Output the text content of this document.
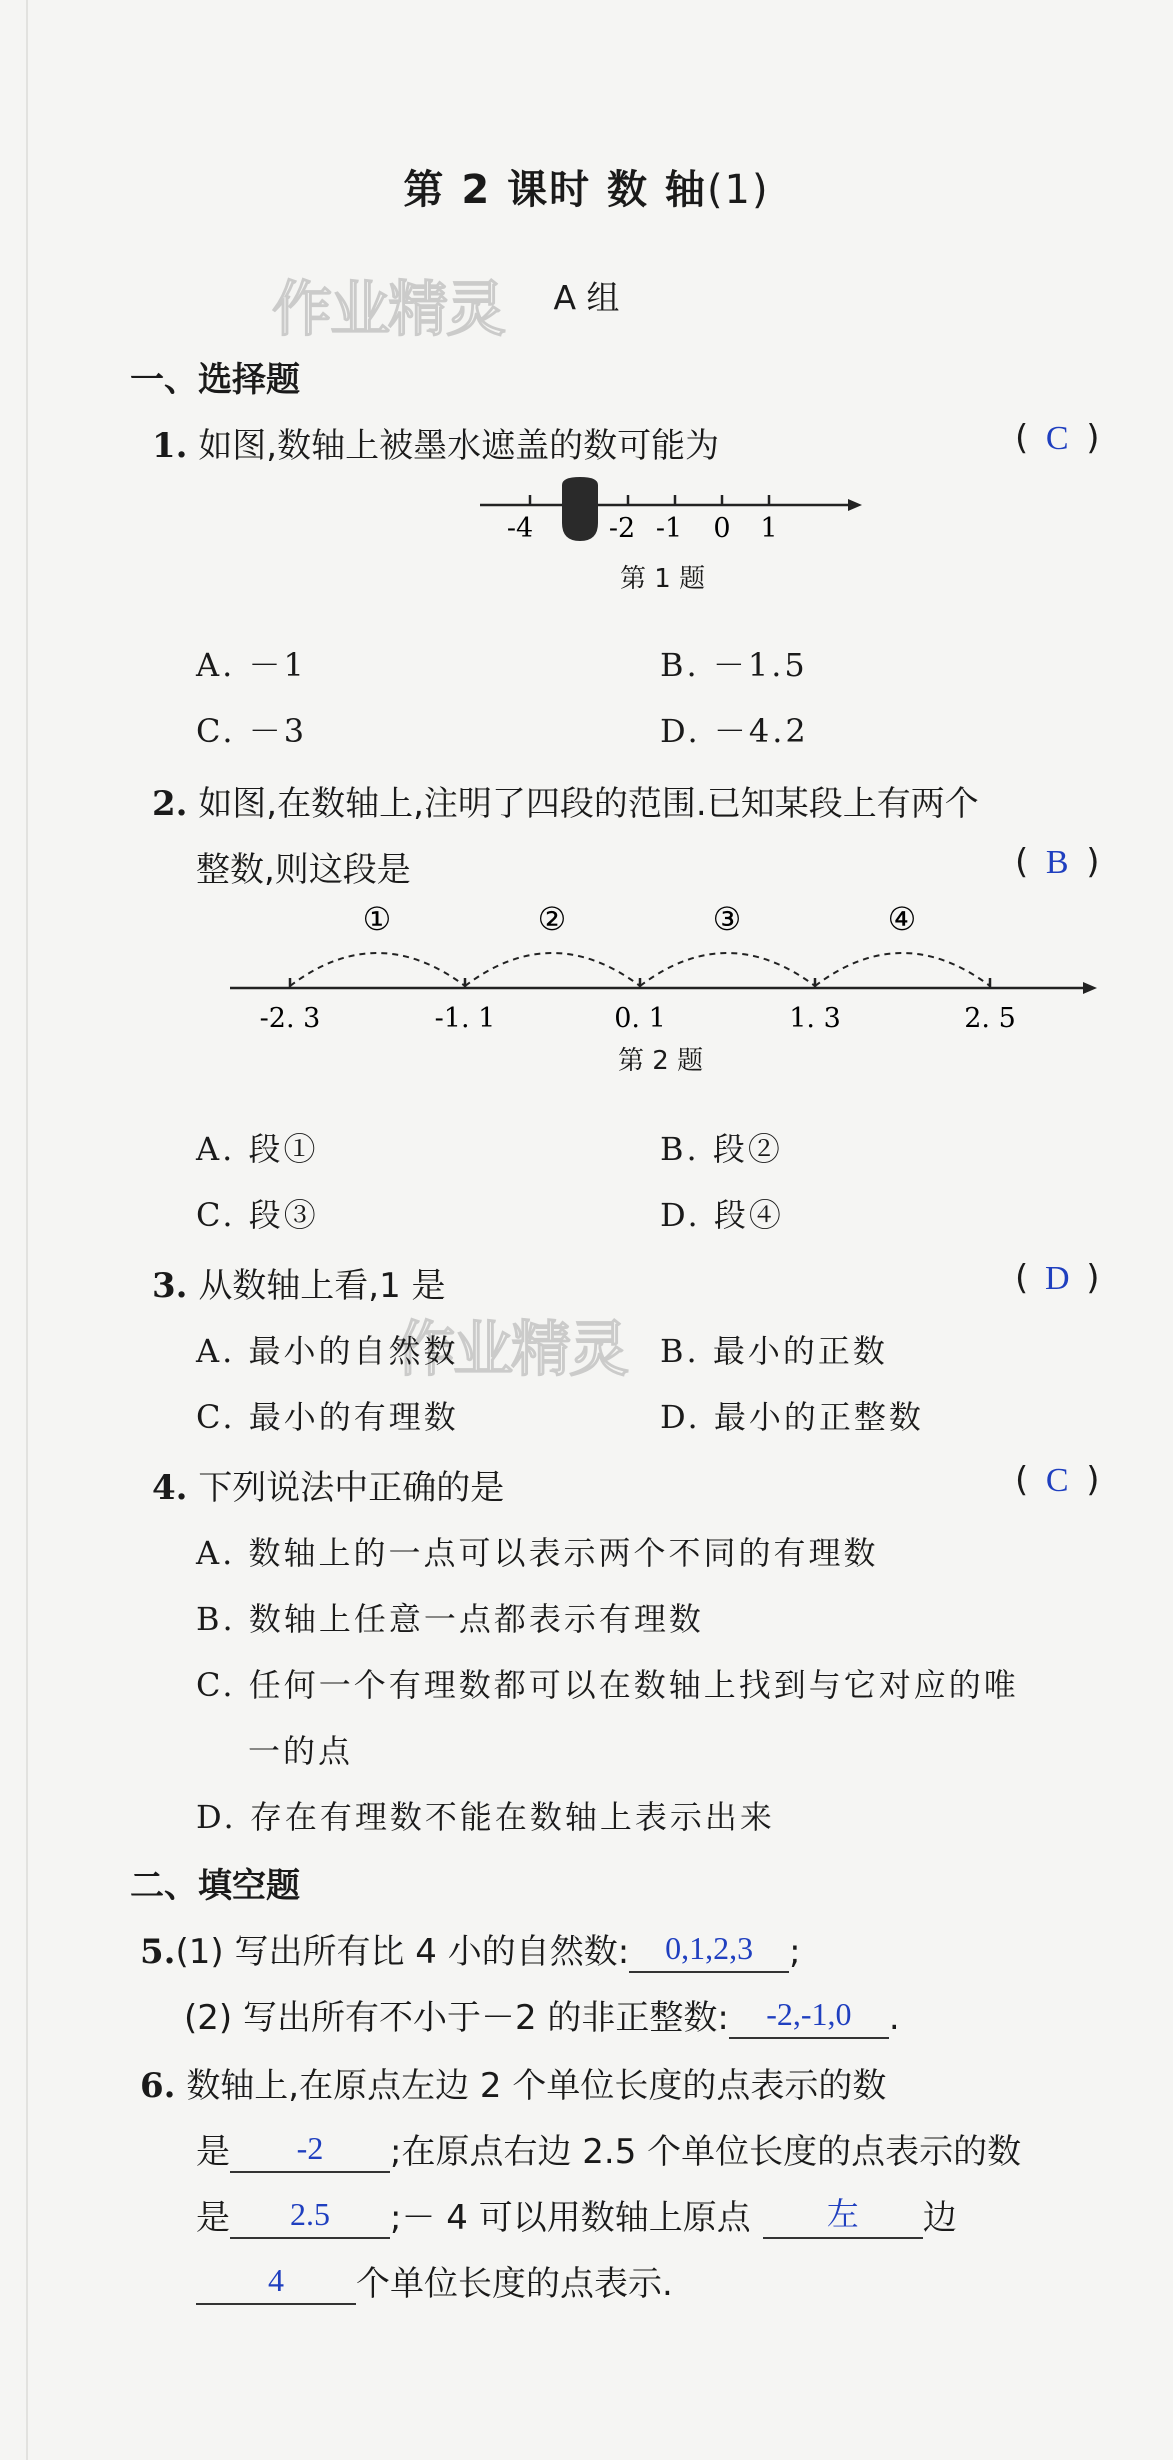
第 2 课时 数 轴(1)
作业精灵	A 组
一、选择题
1. 如图,数轴上被墨水遮盖的数可能为	( C )
-4	-2 -1 0 1
第 1 题
A. －1	B. －1.5
C. －3	D. －4.2
2. 如图,在数轴上,注明了四段的范围.已知某段上有两个
整数,则这段是	( B )
①	②	③	④
-2. 3	-1. 1	0. 1	1. 3	2. 5
第 2 题
A. 段①	B. 段②
C. 段③	D. 段④
3. 从数轴上看,1 是	( D )
作业精灵
A. 最小的自然数	B. 最小的正数
C. 最小的有理数	D. 最小的正整数
4. 下列说法中正确的是	( C )
A. 数轴上的一点可以表示两个不同的有理数
B. 数轴上任意一点都表示有理数
C. 任何一个有理数都可以在数轴上找到与它对应的唯
一的点
D. 存在有理数不能在数轴上表示出来
二、填空题
5.(1) 写出所有比 4 小的自然数: 0,1,2,3 ;
(2) 写出所有不小于－2 的非正整数: -2,-1,0 .
6. 数轴上,在原点左边 2 个单位长度的点表示的数
是 -2 ;在原点右边 2.5 个单位长度的点表示的数
是 2.5 ;－ 4 可以用数轴上原点 左 边
4 个单位长度的点表示.
